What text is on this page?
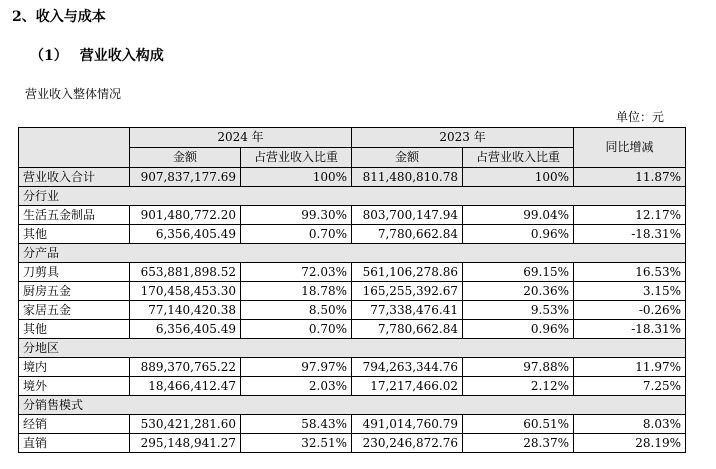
2、收入与成本
（1） 营业收入构成
营业收入整体情况
单位：元
	2024 年		2023 年		同比增减
	金额	占营业收入比重	金额	占营业收入比重	
营业收入合计	907,837,177.69	100%	811,480,810.78	100%	11.87%
分行业					
生活五金制品	901,480,772.20	99.30%	803,700,147.94	99.04%	12.17%
其他	6,356,405.49	0.70%	7,780,662.84	0.96%	-18.31%
分产品					
刀剪具	653,881,898.52	72.03%	561,106,278.86	69.15%	16.53%
厨房五金	170,458,453.30	18.78%	165,255,392.67	20.36%	3.15%
家居五金	77,140,420.38	8.50%	77,338,476.41	9.53%	-0.26%
其他	6,356,405.49	0.70%	7,780,662.84	0.96%	-18.31%
分地区					
境内	889,370,765.22	97.97%	794,263,344.76	97.88%	11.97%
境外	18,466,412.47	2.03%	17,217,466.02	2.12%	7.25%
分销售模式					
经销	530,421,281.60	58.43%	491,014,760.79	60.51%	8.03%
直销	295,148,941.27	32.51%	230,246,872.76	28.37%	28.19%
